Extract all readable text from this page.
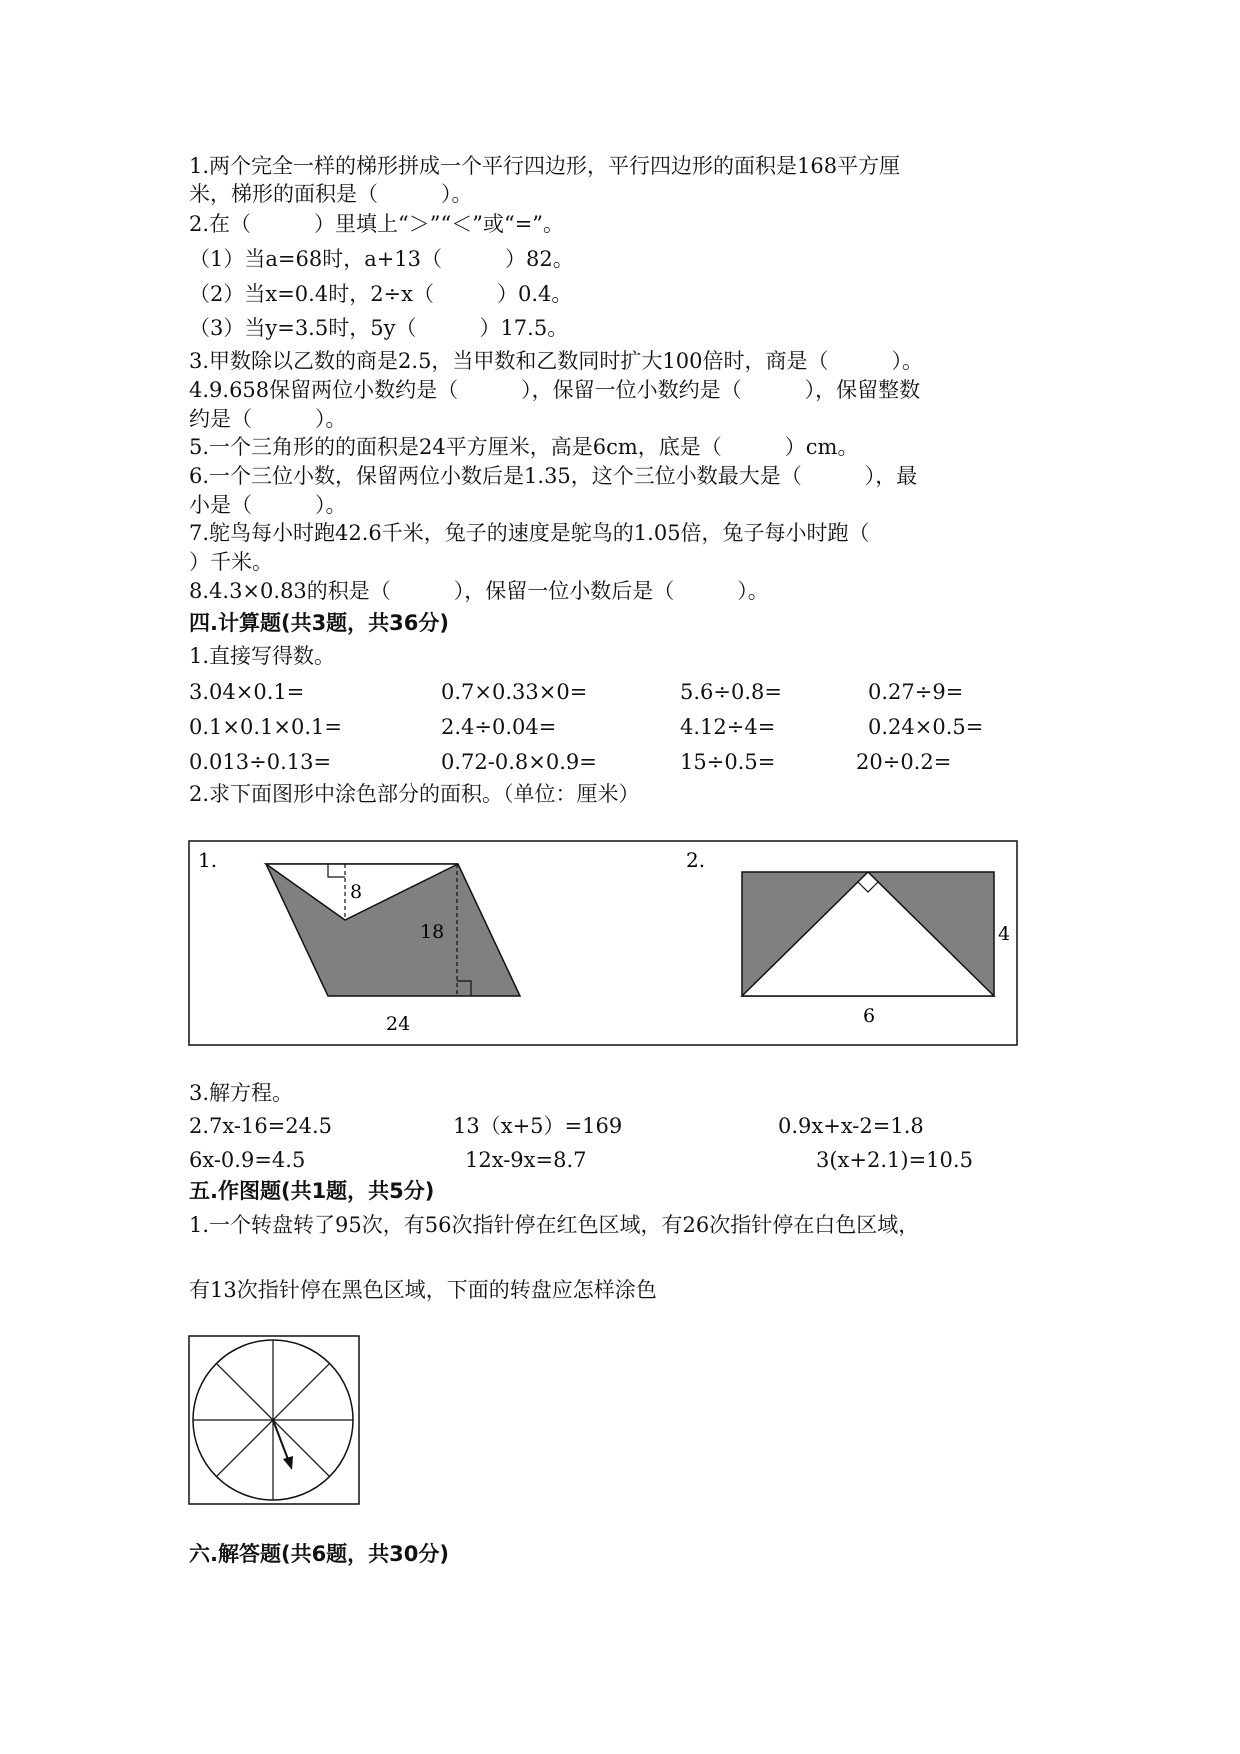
1.两个完全一样的梯形拼成一个平行四边形，平行四边形的面积是168平方厘
米，梯形的面积是（　　　）。
2.在（　　　）里填上“＞”“＜”或“=”。
（1）当a=68时，a+13（　　　）82。
（2）当x=0.4时，2÷x（　　　）0.4。
（3）当y=3.5时，5y（　　　）17.5。
3.甲数除以乙数的商是2.5，当甲数和乙数同时扩大100倍时，商是（　　　）。
4.9.658保留两位小数约是（　　　），保留一位小数约是（　　　），保留整数
约是（　　　）。
5.一个三角形的的面积是24平方厘米，高是6cm，底是（　　　）cm。
6.一个三位小数，保留两位小数后是1.35，这个三位小数最大是（　　　），最
小是（　　　）。
7.鸵鸟每小时跑42.6千米，兔子的速度是鸵鸟的1.05倍，兔子每小时跑（
）千米。
8.4.3×0.83的积是（　　　），保留一位小数后是（　　　）。
四.计算题(共3题，共36分)
1.直接写得数。
3.04×0.1=	0.7×0.33×0=	5.6÷0.8=	0.27÷9=
0.1×0.1×0.1=	2.4÷0.04=	4.12÷4=	0.24×0.5=
0.013÷0.13=	0.72-0.8×0.9=	15÷0.5=	20÷0.2=
2.求下面图形中涂色部分的面积。（单位：厘米）
1.
8
18
24
2.
4
6
3.解方程。
2.7x-16=24.5	13（x+5）=169	0.9x+x-2=1.8
6x-0.9=4.5	12x-9x=8.7	3(x+2.1)=10.5
五.作图题(共1题，共5分)
1.一个转盘转了95次，有56次指针停在红色区域，有26次指针停在白色区域，
有13次指针停在黑色区域，下面的转盘应怎样涂色
六.解答题(共6题，共30分)
